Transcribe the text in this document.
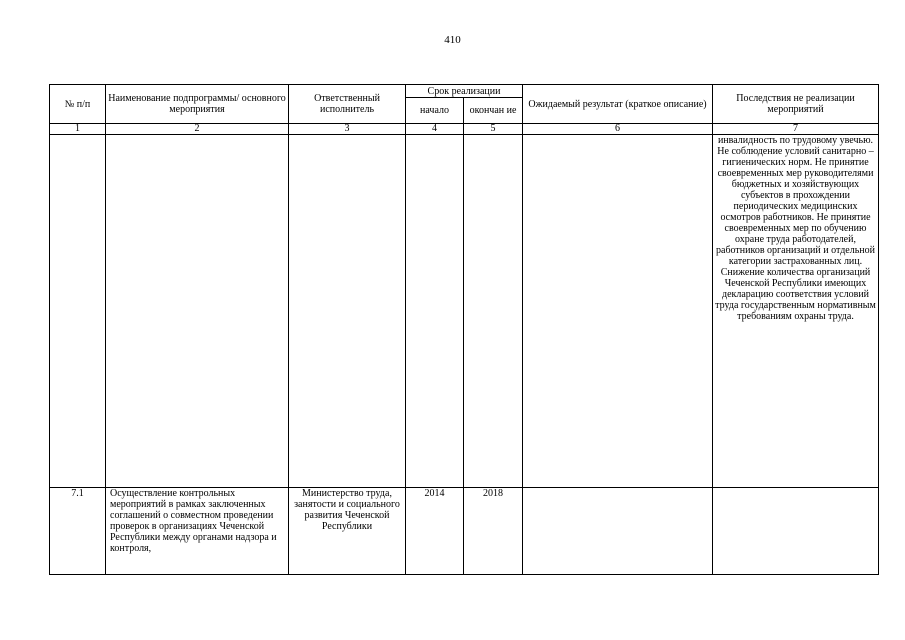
410
№ п/п	Наименование подпрограммы/ основного мероприятия	Ответственный исполнитель	Срок реализации		Ожидаемый результат (краткое описание)	Последствия не реализации мероприятий
			начало	окончан ие		
1	2	3	4	5	6	7
						инвалидность по трудовому увечью. Не соблюдение условий санитарно – гигиенических норм. Не принятие своевременных мер руководителями бюджетных и хозяйствующих субъектов в прохождении периодических медицинских осмотров работников. Не принятие своевременных мер по обучению охране труда работодателей, работников организаций и отдельной категории застрахованных лиц. Снижение количества организаций Чеченской Республики имеющих декларацию соответствия условий труда государственным нормативным требованиям охраны труда.
7.1	Осуществление контрольных мероприятий в рамках заключенных соглашений о совместном проведении проверок в организациях Чеченской Республики между органами надзора и контроля,	Министерство труда, занятости и социального развития Чеченской Республики	2014	2018		
